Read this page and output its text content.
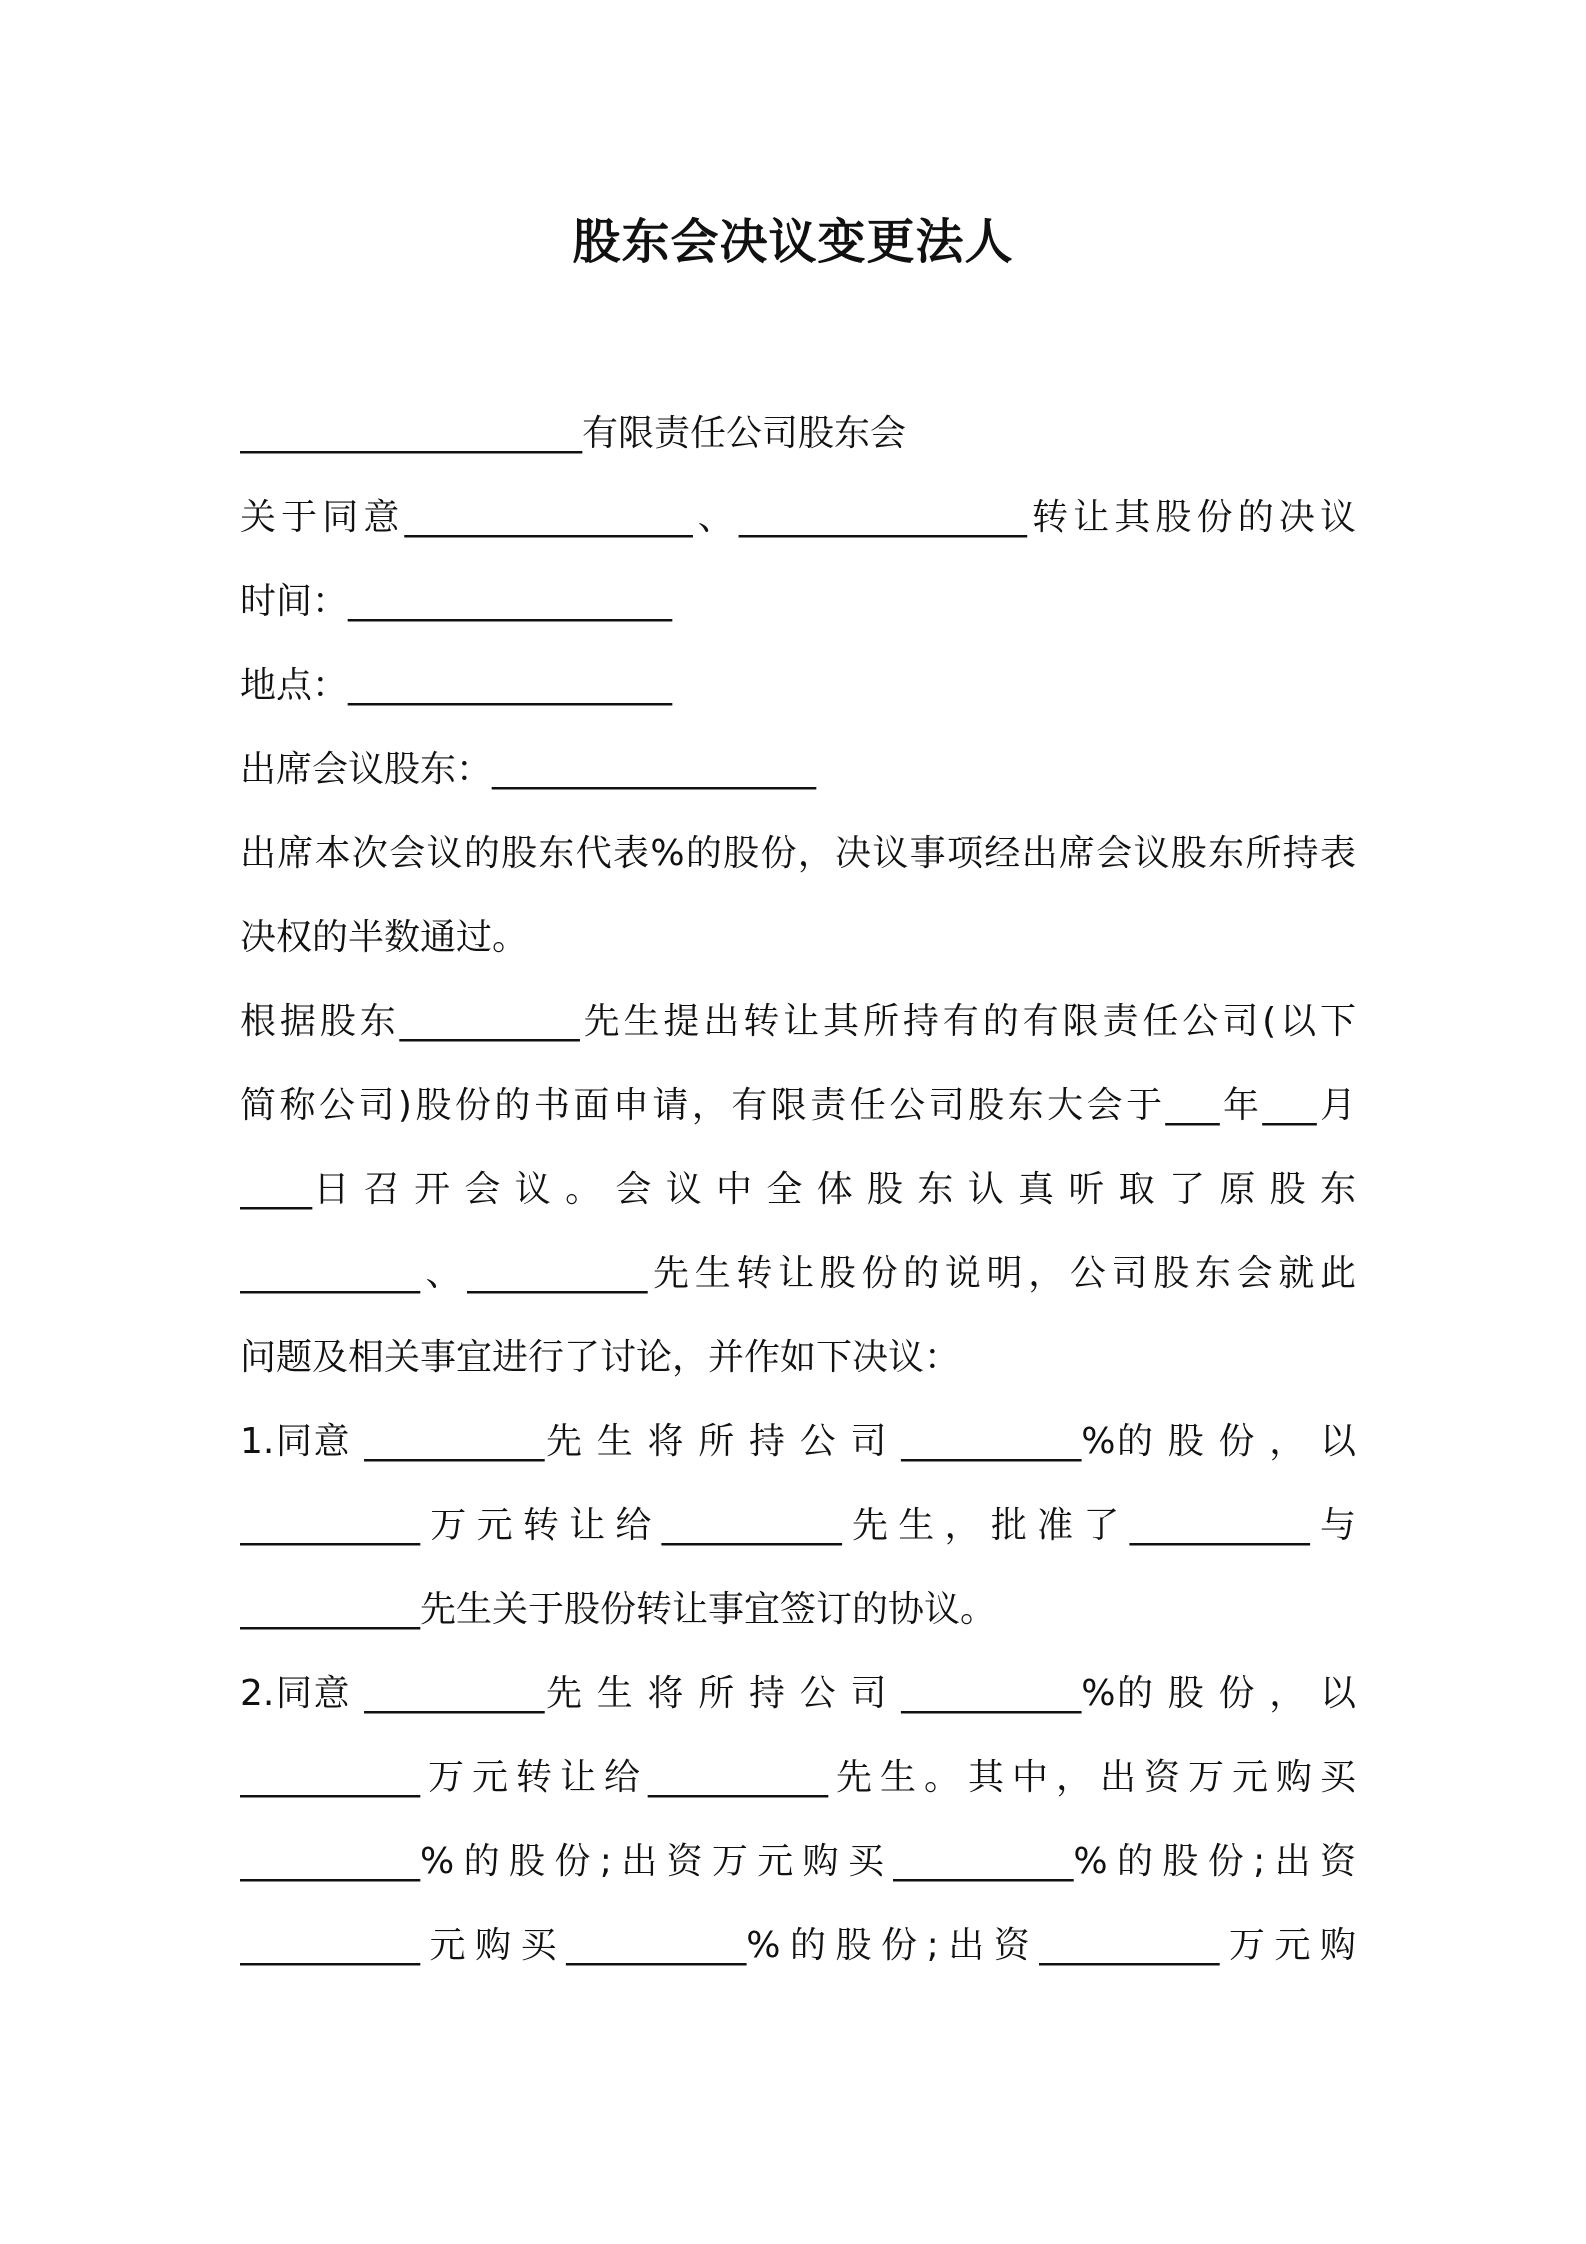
股东会决议变更法人
___________________有限责任公司股东会
关于同意________________、________________转让其股份的决议
时间：__________________
地点：__________________
出席会议股东：__________________
出席本次会议的股东代表%的股份，决议事项经出席会议股东所持表
决权的半数通过。
根据股东__________先生提出转让其所持有的有限责任公司(以下
简称公司)股份的书面申请，有限责任公司股东大会于___年___月
____日 召 开 会 议 。 会 议 中 全 体 股 东 认 真 听 取 了 原 股 东
__________、__________先生转让股份的说明，公司股东会就此
问题及相关事宜进行了讨论，并作如下决议：
1.同意 __________先 生 将 所 持 公 司 __________%的 股 份 ， 以
__________万元转让给__________先生，批准了__________与
__________先生关于股份转让事宜签订的协议。
2.同意 __________先 生 将 所 持 公 司 __________%的 股 份 ， 以
__________万元转让给__________先生。其中，出资万元购买
__________%的股份;出资万元购买__________%的股份;出资
__________元购买__________%的股份;出资__________万元购
